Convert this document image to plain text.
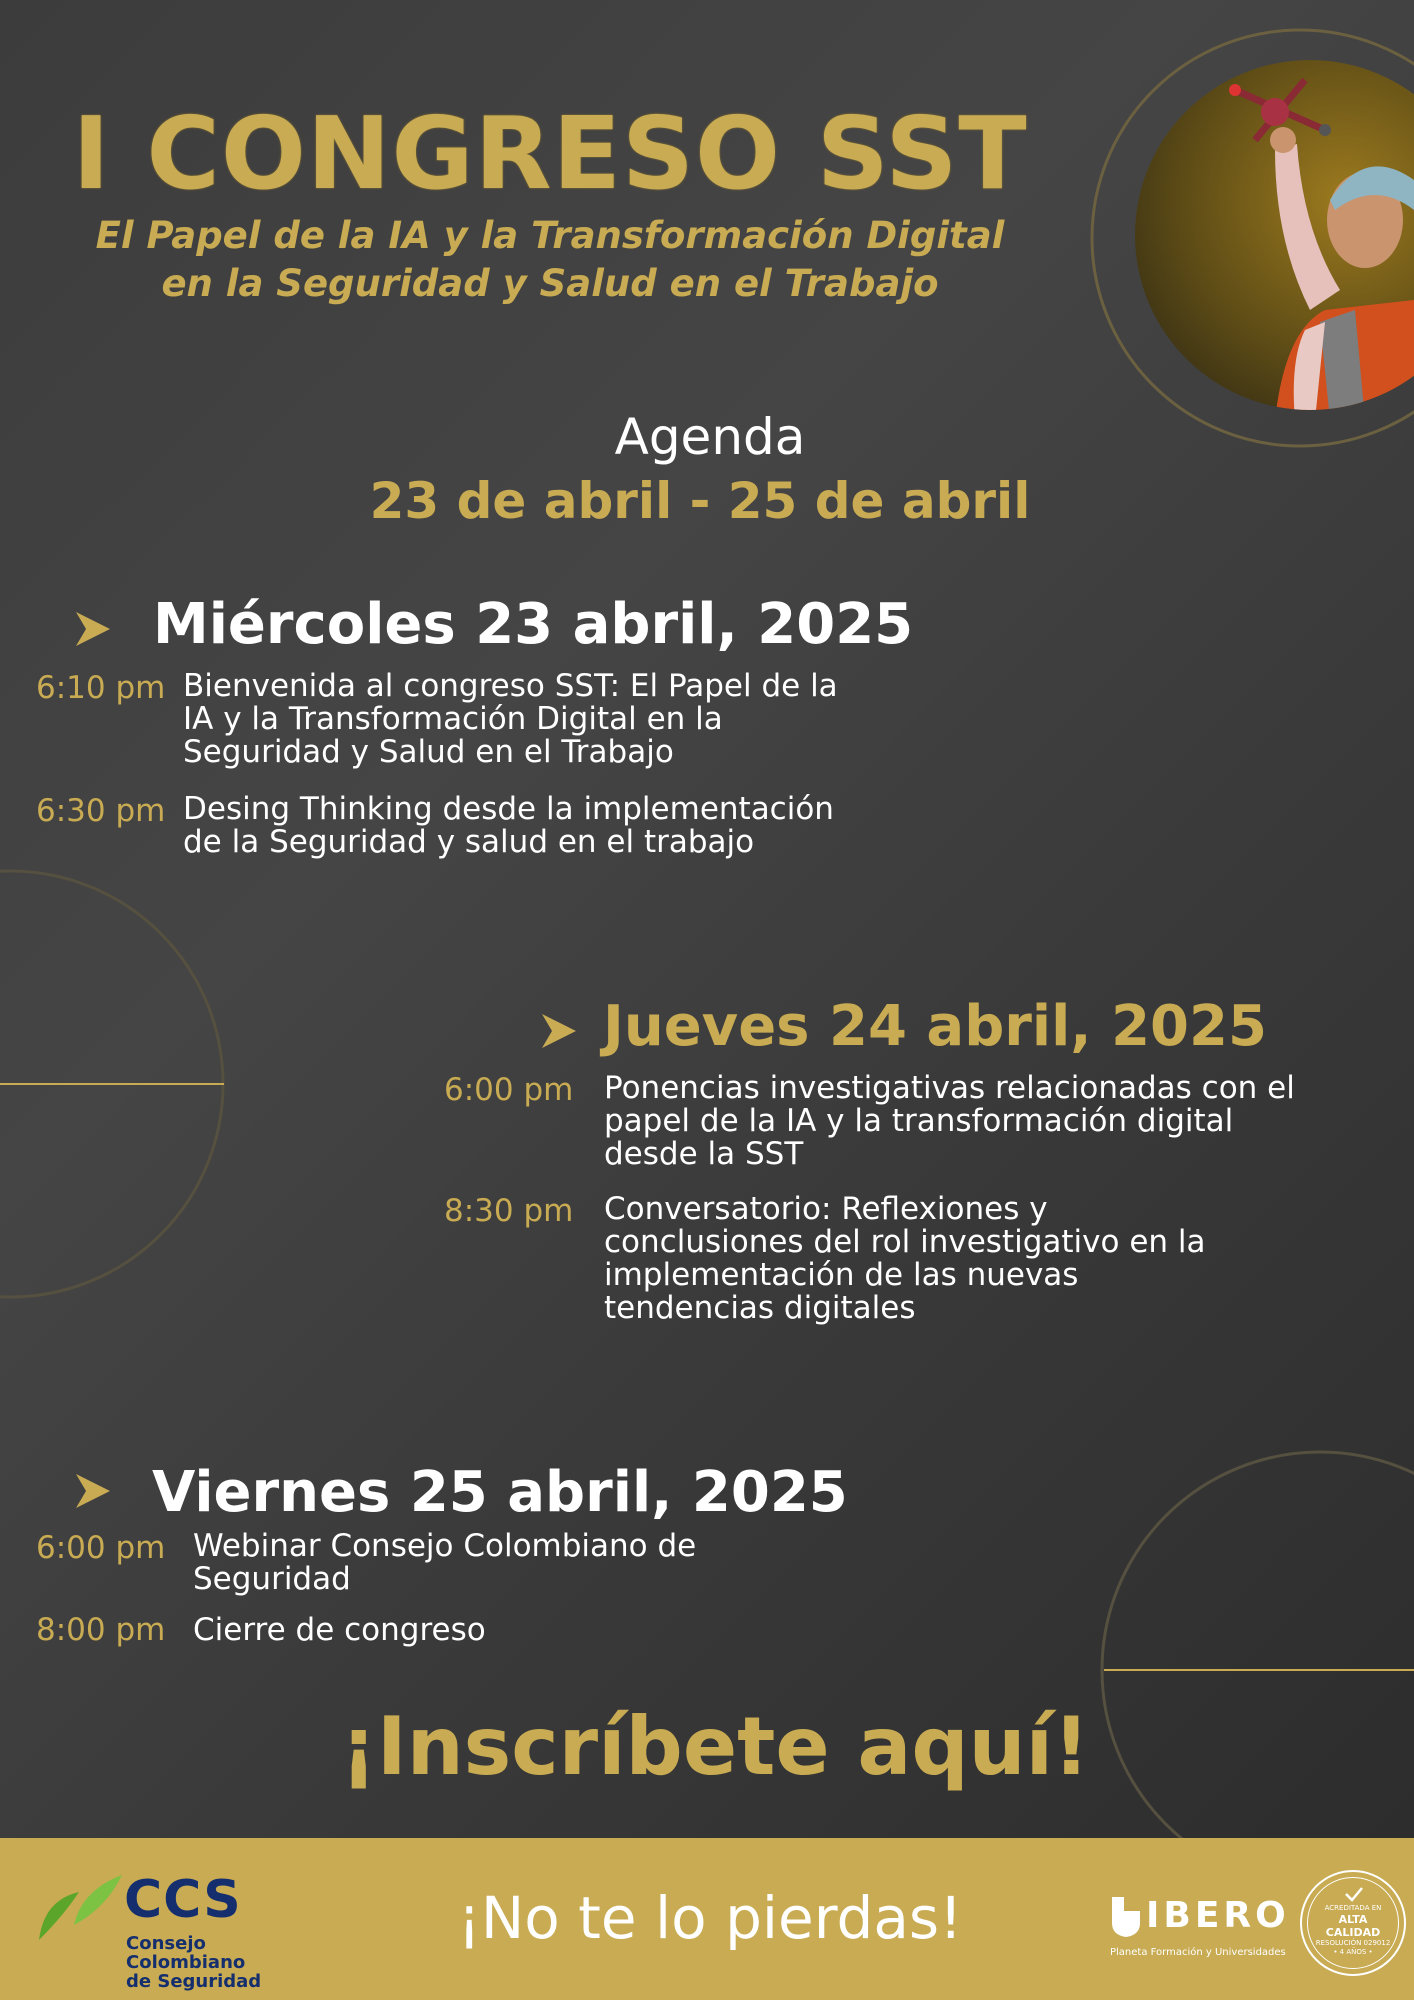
I CONGRESO SST
El Papel de la IA y la Transformación Digital
en la Seguridad y Salud en el Trabajo
Agenda
23 de abril - 25 de abril
Miércoles 23 abril, 2025
6:10 pm Bienvenida al congreso SST: El Papel de la
IA y la Transformación Digital en la
Seguridad y Salud en el Trabajo
6:30 pm Desing Thinking desde la implementación
de la Seguridad y salud en el trabajo
Jueves 24 abril, 2025
6:00 pm Ponencias investigativas relacionadas con el
papel de la IA y la transformación digital
desde la SST
8:30 pm Conversatorio: Reflexiones y
conclusiones del rol investigativo en la
implementación de las nuevas
tendencias digitales
Viernes 25 abril, 2025
6:00 pm Webinar Consejo Colombiano de
Seguridad
8:00 pm Cierre de congreso
¡Inscríbete aquí!
¡No te lo pierdas!
CCS
Consejo Colombiano
de Seguridad
IBERO
Planeta Formación y Universidades
ACREDITADA EN
ALTA CALIDAD
RESOLUCIÓN 029012
• 4 AÑOS •
